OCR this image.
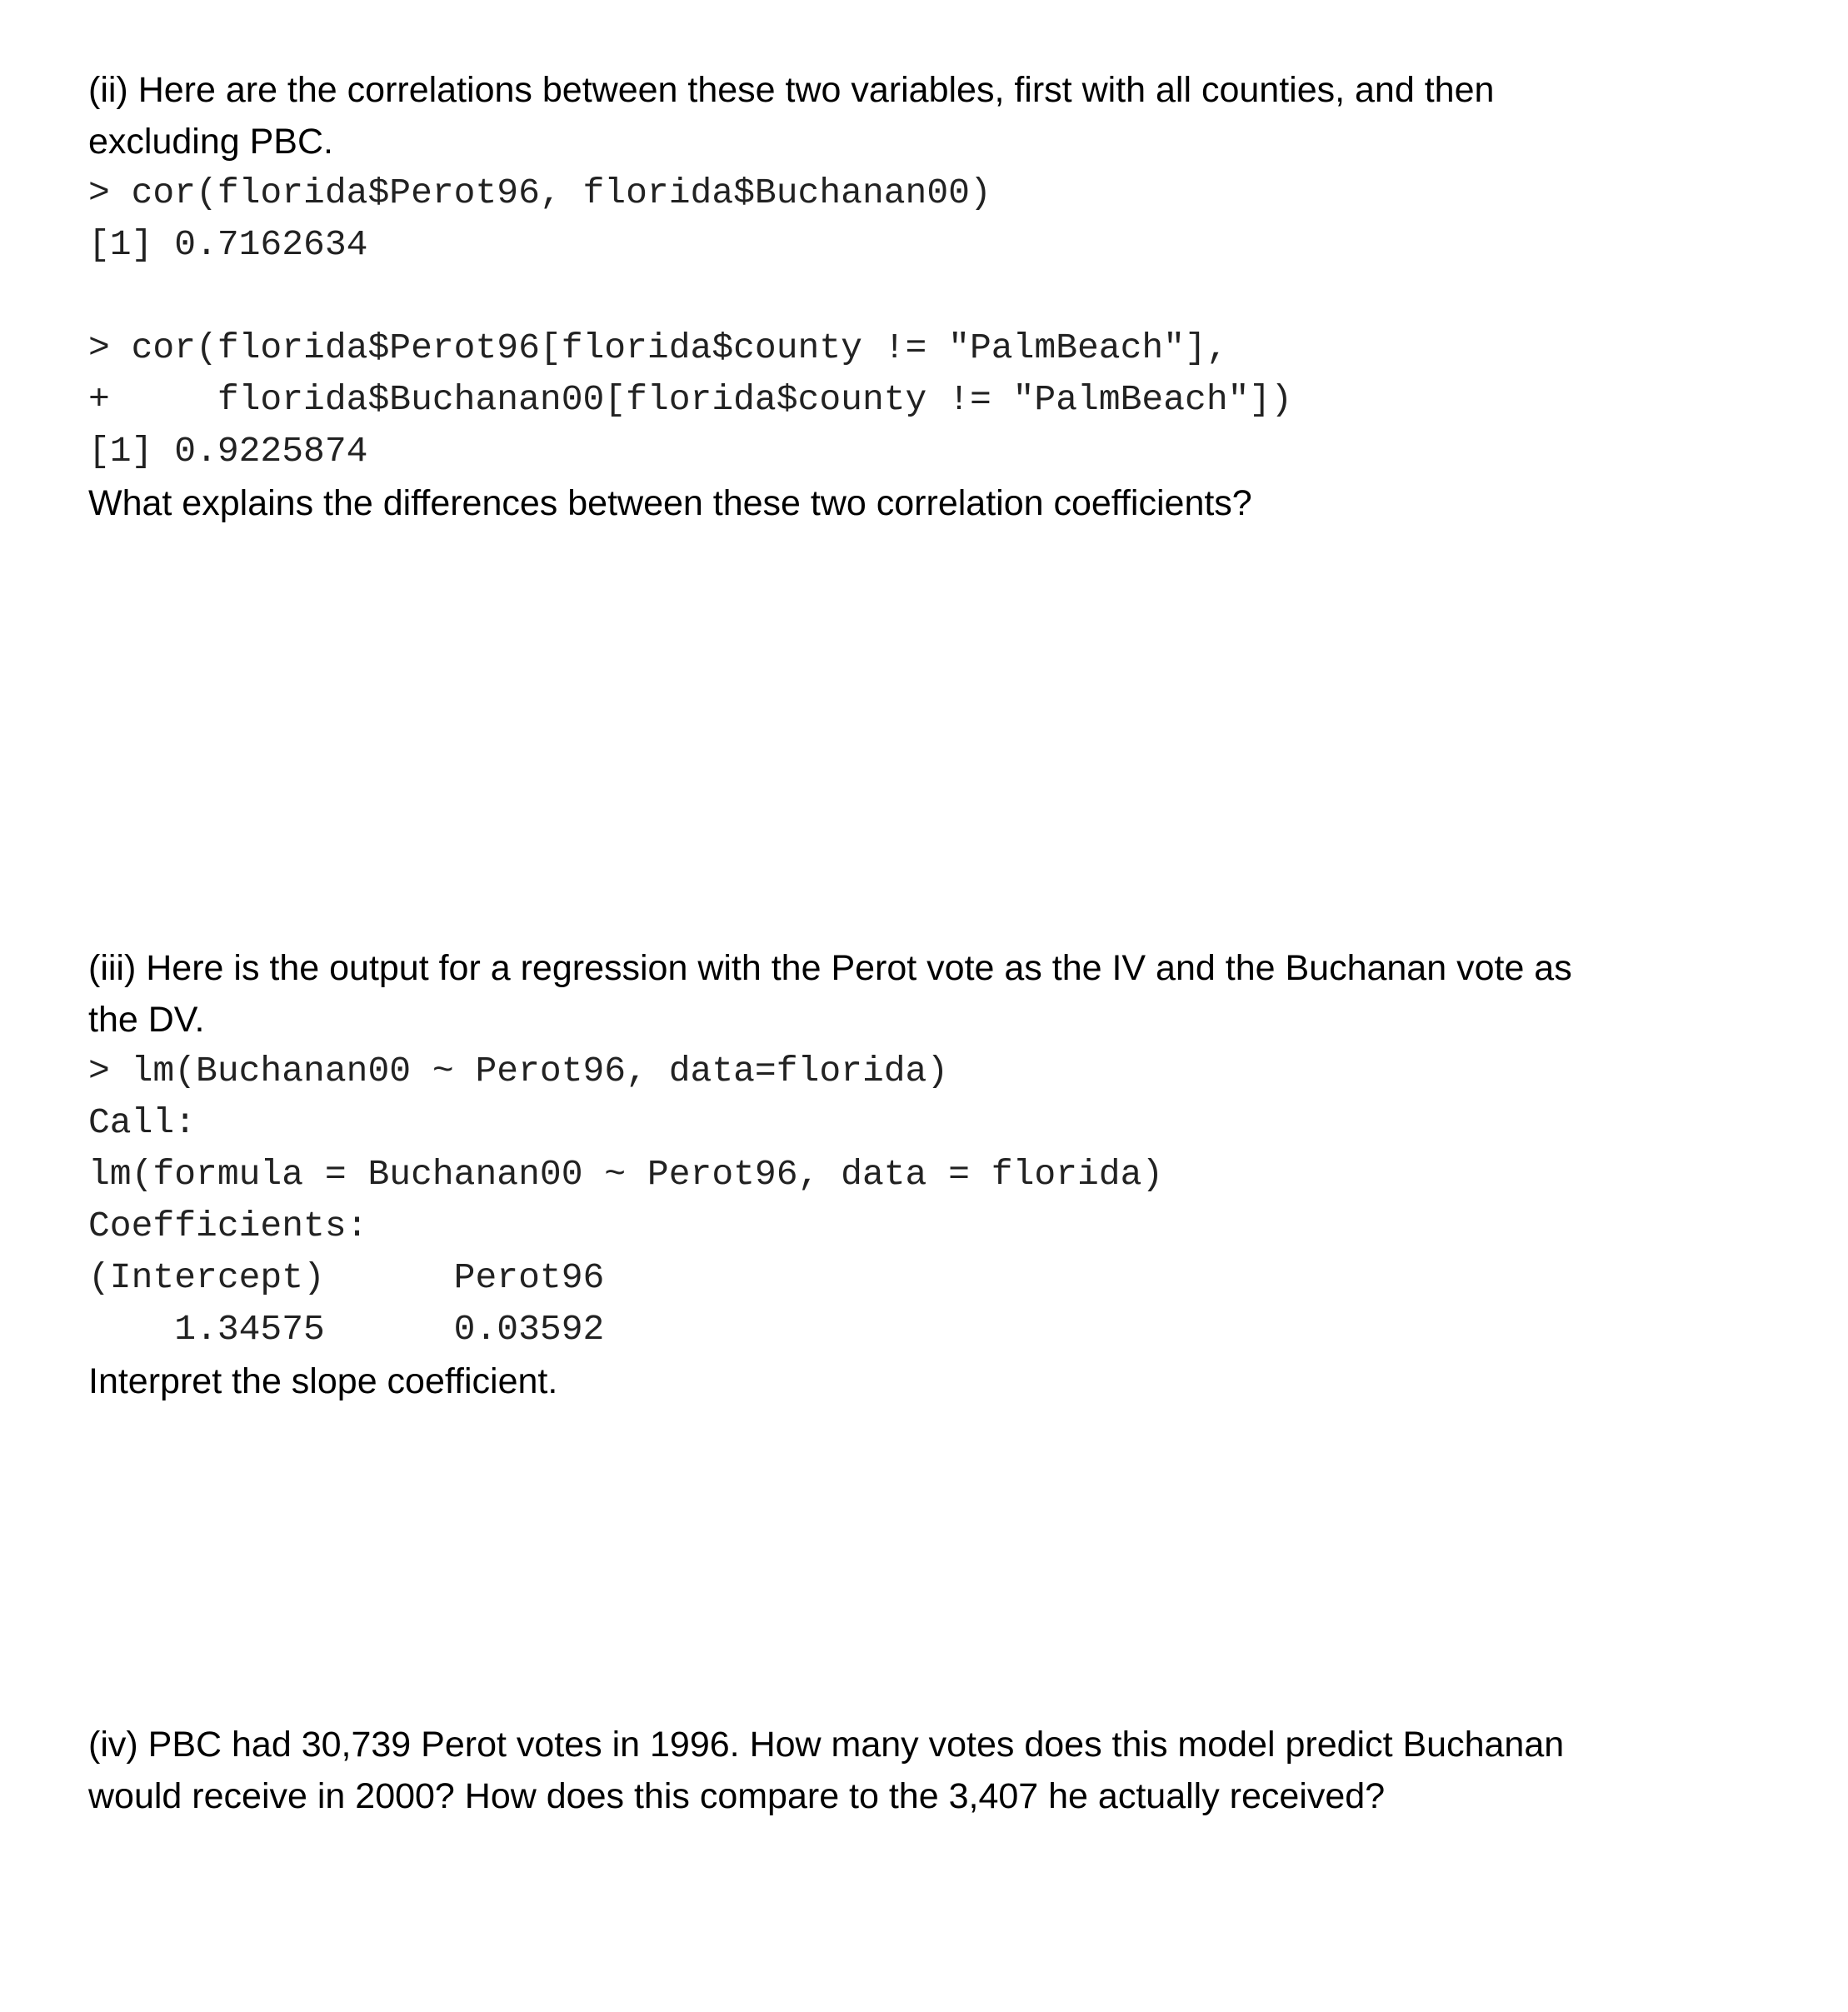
(ii) Here are the correlations between these two variables, first with all counties, and then

excluding PBC.

> cor(florida$Perot96, florida$Buchanan00)

[1] 0.7162634

> cor(florida$Perot96[florida$county != "PalmBeach"],

+     florida$Buchanan00[florida$county != "PalmBeach"])

[1] 0.9225874

What explains the differences between these two correlation coefficients?

(iii) Here is the output for a regression with the Perot vote as the IV and the Buchanan vote as

the DV.

> lm(Buchanan00 ~ Perot96, data=florida)

Call:

lm(formula = Buchanan00 ~ Perot96, data = florida)

Coefficients:

(Intercept)      Perot96

1.34575      0.03592

Interpret the slope coefficient.

(iv) PBC had 30,739 Perot votes in 1996. How many votes does this model predict Buchanan

would receive in 2000? How does this compare to the 3,407 he actually received?
